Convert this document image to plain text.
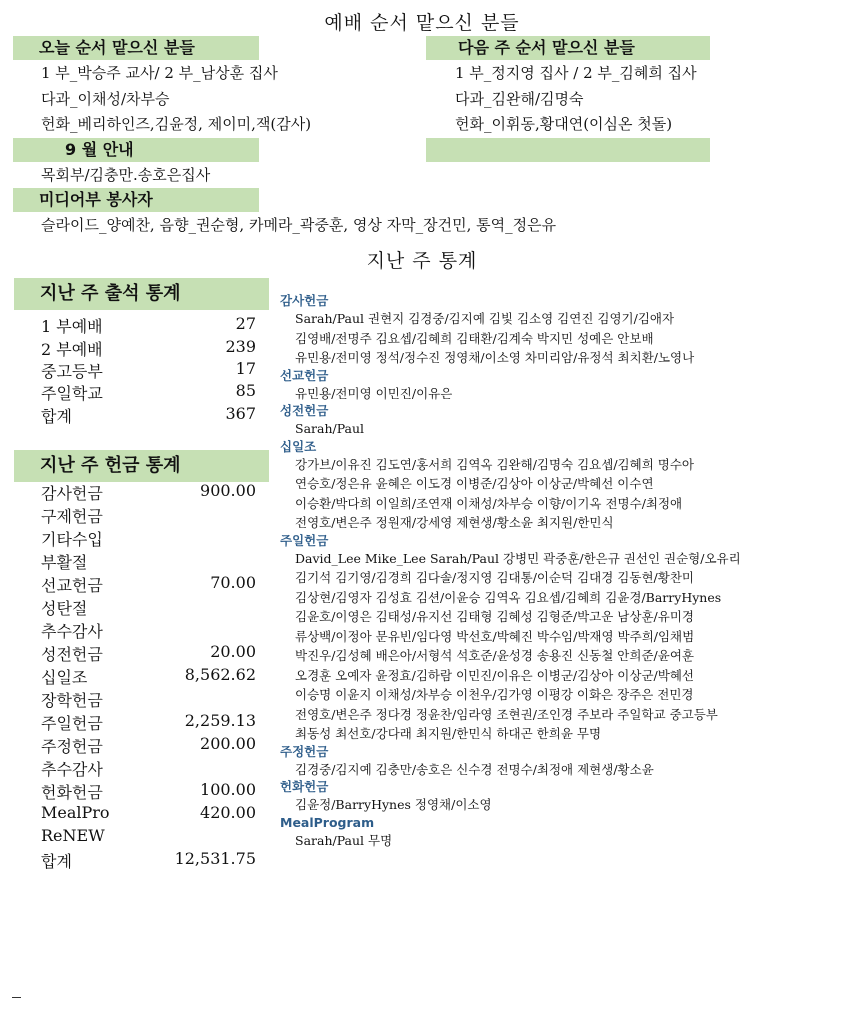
예배 순서 맡으신 분들
오늘 순서 맡으신 분들
1 부_박승주 교사/ 2 부_남상훈 집사
다과_이채성/차부승
헌화_베리하인즈,김윤정, 제이미,잭(감사)
다음 주 순서 맡으신 분들
1 부_정지영 집사 / 2 부_김혜희 집사
다과_김완해/김명숙
헌화_이휘동,황대연(이심온 첫돌)
9 월 안내
목회부/김충만.송호은집사
미디어부 봉사자
슬라이드_양예찬, 음향_권순형, 카메라_곽중훈, 영상 자막_장건민, 통역_정은유
지난 주 통계
지난 주 출석 통계
1 부예배	27
2 부예배	239
중고등부	17
주일학교	85
합계	367
지난 주 헌금 통계
감사헌금	900.00
구제헌금
기타수입
부활절
선교헌금	70.00
성탄절
추수감사
성전헌금	20.00
십일조	8,562.62
장학헌금
주일헌금	2,259.13
주정헌금	200.00
추수감사
헌화헌금	100.00
MealPro	420.00
ReNEW
합계	12,531.75
감사헌금
Sarah/Paul 권현지 김경중/김지예 김빛 김소영 김연진 김영기/김애자
김영배/전명주 김요셉/김혜희 김태환/김계숙 박지민 성예은 안보배
유민용/전미영 정석/정수진 정영채/이소영 차미리암/유정석 최치환/노영나
선교헌금
유민용/전미영 이민진/이유은
성전헌금
Sarah/Paul
십일조
강가브/이유진 김도연/홍서희 김역옥 김완해/김명숙 김요셉/김혜희 명수아
연승호/정은유 윤혜은 이도경 이병준/김상아 이상군/박혜선 이수연
이승환/박다희 이일희/조연재 이채성/차부승 이향/이기옥 전명수/최정애
전영호/변은주 정원재/강세영 제현생/황소윤 최지원/한민식
주일헌금
David_Lee Mike_Lee Sarah/Paul 강병민 곽중훈/한은규 권선인 권순형/오유리
김기석 김기영/김경희 김다솔/정지영 김대통/이순덕 김대경 김동현/황찬미
김상현/김영자 김성효 김션/이윤승 김역옥 김요셉/김혜희 김윤경/BarryHynes
김윤호/이영은 김태성/유지선 김태형 김혜성 김형준/박고운 남상훈/유미경
류상백/이정아 문유빈/임다영 박선호/박혜진 박수임/박재영 박주희/임채범
박진우/김성혜 배은아/서형석 석호준/윤성경 송용진 신동철 안희준/윤여훈
오경훈 오예자 윤정효/김하람 이민진/이유은 이병군/김상아 이상군/박혜선
이승명 이윤지 이채성/차부승 이천우/김가영 이평강 이화은 장주은 전민경
전영호/변은주 정다경 정윤찬/임라영 조현권/조인경 주보라 주일학교 중고등부
최동성 최선호/강다래 최지원/한민식 하대곤 한희윤 무명
주정헌금
김경중/김지예 김충만/송호은 신수경 전명수/최정애 제현생/황소윤
헌화헌금
김윤정/BarryHynes 정영채/이소영
MealProgram
Sarah/Paul 무명
